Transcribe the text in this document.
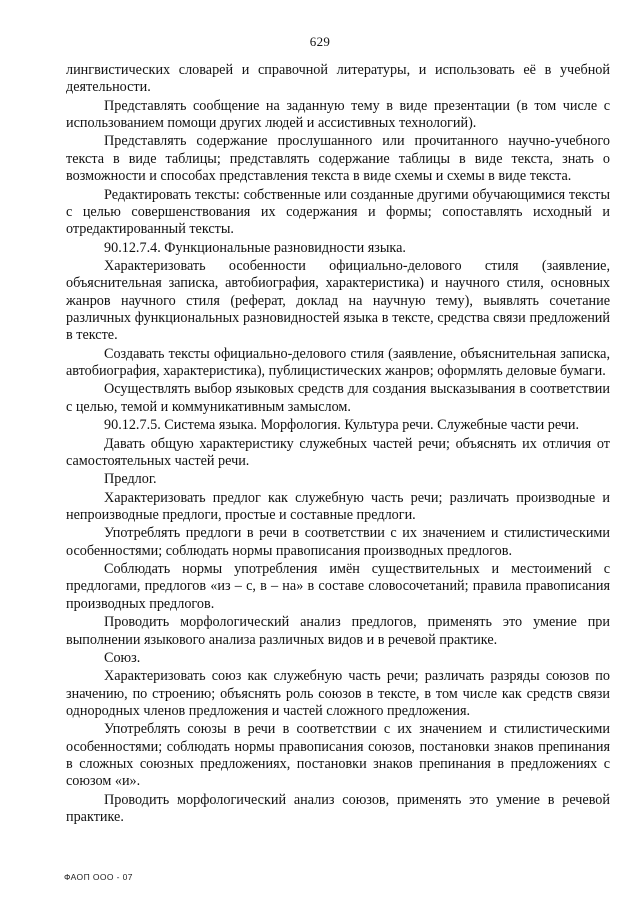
629

лингвистических словарей и справочной литературы, и использовать её в учебной деятельности.

Представлять сообщение на заданную тему в виде презентации (в том числе с использованием помощи других людей и ассистивных технологий).

Представлять содержание прослушанного или прочитанного научно-учебного текста в виде таблицы; представлять содержание таблицы в виде текста, знать о возможности и способах представления текста в виде схемы и схемы в виде текста.

Редактировать тексты: собственные или созданные другими обучающимися тексты с целью совершенствования их содержания и формы; сопоставлять исходный и отредактированный тексты.

90.12.7.4. Функциональные разновидности языка.

Характеризовать особенности официально-делового стиля (заявление, объяснительная записка, автобиография, характеристика) и научного стиля, основных жанров научного стиля (реферат, доклад на научную тему), выявлять сочетание различных функциональных разновидностей языка в тексте, средства связи предложений в тексте.

Создавать тексты официально-делового стиля (заявление, объяснительная записка, автобиография, характеристика), публицистических жанров; оформлять деловые бумаги.

Осуществлять выбор языковых средств для создания высказывания в соответствии с целью, темой и коммуникативным замыслом.

90.12.7.5. Система языка. Морфология. Культура речи. Служебные части речи.

Давать общую характеристику служебных частей речи; объяснять их отличия от самостоятельных частей речи.

Предлог.

Характеризовать предлог как служебную часть речи; различать производные и непроизводные предлоги, простые и составные предлоги.

Употреблять предлоги в речи в соответствии с их значением и стилистическими особенностями; соблюдать нормы правописания производных предлогов.

Соблюдать нормы употребления имён существительных и местоимений с предлогами, предлогов «из – с, в – на» в составе словосочетаний; правила правописания производных предлогов.

Проводить морфологический анализ предлогов, применять это умение при выполнении языкового анализа различных видов и в речевой практике.

Союз.

Характеризовать союз как служебную часть речи; различать разряды союзов по значению, по строению; объяснять роль союзов в тексте, в том числе как средств связи однородных членов предложения и частей сложного предложения.

Употреблять союзы в речи в соответствии с их значением и стилистическими особенностями; соблюдать нормы правописания союзов, постановки знаков препинания в сложных союзных предложениях, постановки знаков препинания в предложениях с союзом «и».

Проводить морфологический анализ союзов, применять это умение в речевой практике.

ФАОП ООО - 07
